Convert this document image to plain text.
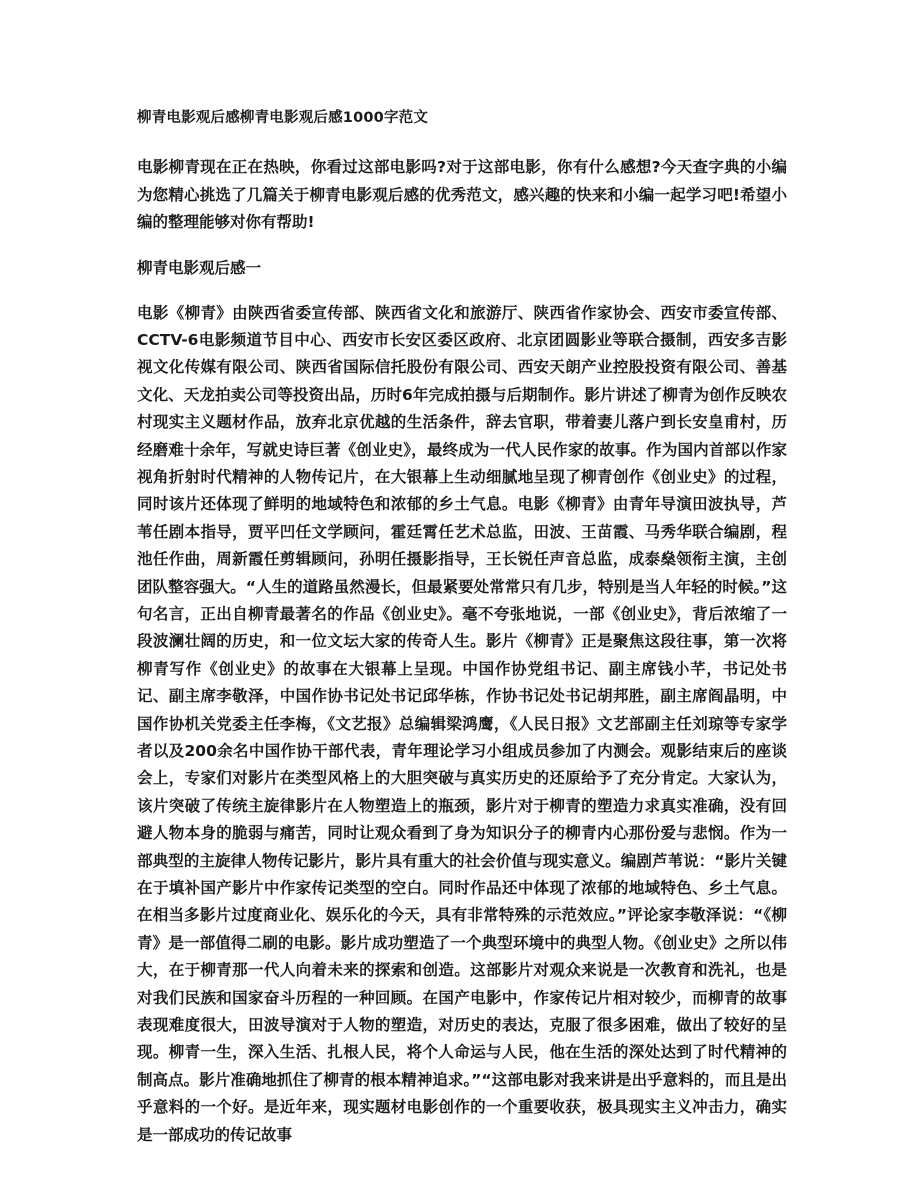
柳青电影观后感柳青电影观后感1000字范文

电影柳青现在正在热映，你看过这部电影吗?对于这部电影，你有什么感想?今天查字典的小编为您精心挑选了几篇关于柳青电影观后感的优秀范文，感兴趣的快来和小编一起学习吧!希望小编的整理能够对你有帮助!

柳青电影观后感一

电影《柳青》由陕西省委宣传部、陕西省文化和旅游厅、陕西省作家协会、西安市委宣传部、CCTV-6电影频道节目中心、西安市长安区委区政府、北京团圆影业等联合摄制，西安多吉影视文化传媒有限公司、陕西省国际信托股份有限公司、西安天朗产业控股投资有限公司、善基文化、天龙拍卖公司等投资出品，历时6年完成拍摄与后期制作。影片讲述了柳青为创作反映农村现实主义题材作品，放弃北京优越的生活条件，辞去官职，带着妻儿落户到长安皇甫村，历经磨难十余年，写就史诗巨著《创业史》，最终成为一代人民作家的故事。作为国内首部以作家视角折射时代精神的人物传记片，在大银幕上生动细腻地呈现了柳青创作《创业史》的过程，同时该片还体现了鲜明的地域特色和浓郁的乡土气息。电影《柳青》由青年导演田波执导，芦苇任剧本指导，贾平凹任文学顾问，霍廷霄任艺术总监，田波、王苗霞、马秀华联合编剧，程池任作曲，周新霞任剪辑顾问，孙明任摄影指导，王长锐任声音总监，成泰燊领衔主演，主创团队整容强大。“人生的道路虽然漫长，但最紧要处常常只有几步，特别是当人年轻的时候。”这句名言，正出自柳青最著名的作品《创业史》。毫不夸张地说，一部《创业史》，背后浓缩了一段波澜壮阔的历史，和一位文坛大家的传奇人生。影片《柳青》正是聚焦这段往事，第一次将柳青写作《创业史》的故事在大银幕上呈现。中国作协党组书记、副主席钱小芊，书记处书记、副主席李敬泽，中国作协书记处书记邱华栋，作协书记处书记胡邦胜，副主席阎晶明，中国作协机关党委主任李梅，《文艺报》总编辑梁鸿鹰，《人民日报》文艺部副主任刘琼等专家学者以及200余名中国作协干部代表，青年理论学习小组成员参加了内测会。观影结束后的座谈会上，专家们对影片在类型风格上的大胆突破与真实历史的还原给予了充分肯定。大家认为，该片突破了传统主旋律影片在人物塑造上的瓶颈，影片对于柳青的塑造力求真实准确，没有回避人物本身的脆弱与痛苦，同时让观众看到了身为知识分子的柳青内心那份爱与悲悯。作为一部典型的主旋律人物传记影片，影片具有重大的社会价值与现实意义。编剧芦苇说：“影片关键在于填补国产影片中作家传记类型的空白。同时作品还中体现了浓郁的地域特色、乡土气息。在相当多影片过度商业化、娱乐化的今天，具有非常特殊的示范效应。”评论家李敬泽说：“《柳青》是一部值得二刷的电影。影片成功塑造了一个典型环境中的典型人物。《创业史》之所以伟大，在于柳青那一代人向着未来的探索和创造。这部影片对观众来说是一次教育和洗礼，也是对我们民族和国家奋斗历程的一种回顾。在国产电影中，作家传记片相对较少，而柳青的故事表现难度很大，田波导演对于人物的塑造，对历史的表达，克服了很多困难，做出了较好的呈现。柳青一生，深入生活、扎根人民，将个人命运与人民，他在生活的深处达到了时代精神的制高点。影片准确地抓住了柳青的根本精神追求。”“这部电影对我来讲是出乎意料的，而且是出乎意料的一个好。是近年来，现实题材电影创作的一个重要收获，极具现实主义冲击力，确实是一部成功的传记故事
